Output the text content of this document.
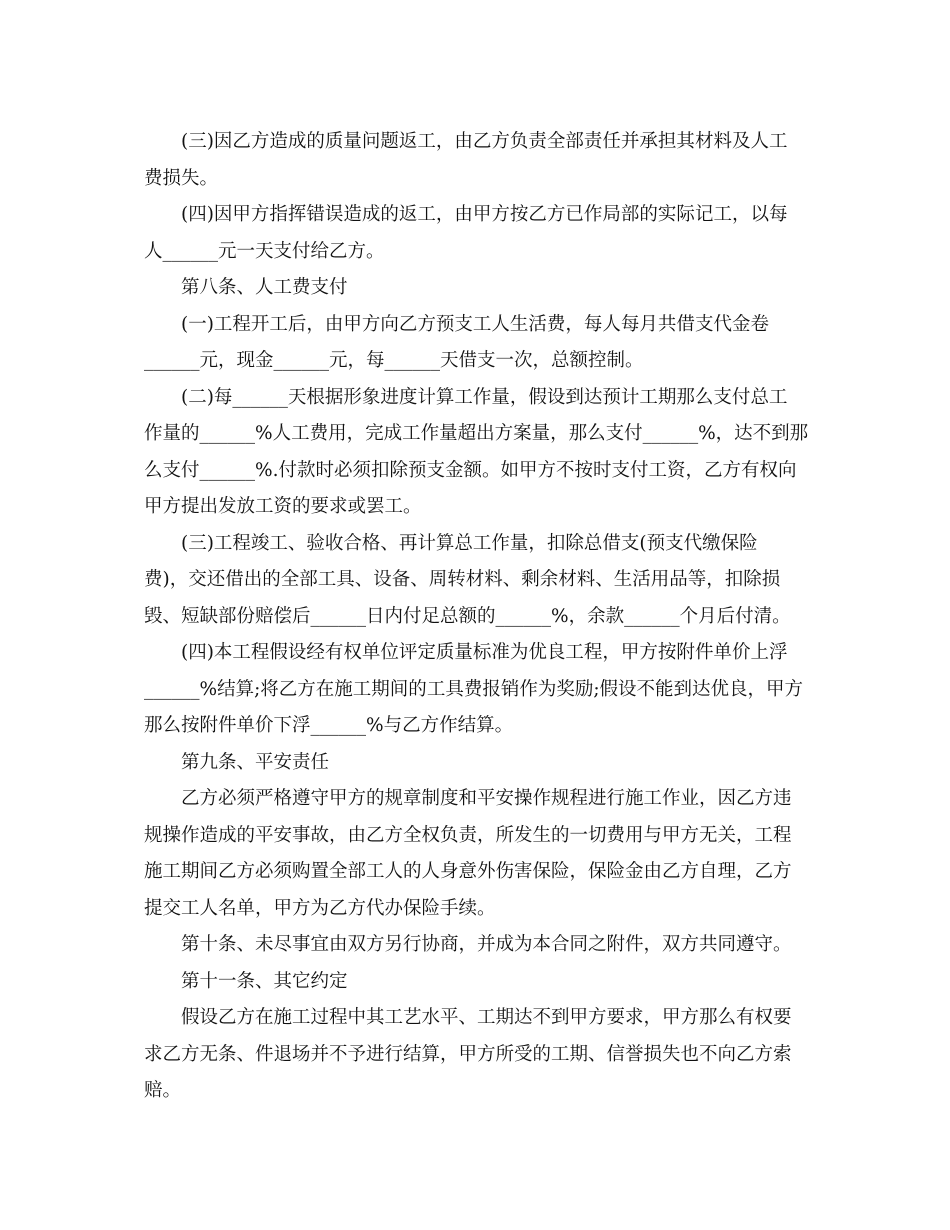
(三)因乙方造成的质量问题返工，由乙方负责全部责任并承担其材料及人工
费损失。
(四)因甲方指挥错误造成的返工，由甲方按乙方已作局部的实际记工，以每
人______元一天支付给乙方。
第八条、人工费支付
(一)工程开工后，由甲方向乙方预支工人生活费，每人每月共借支代金卷
______元，现金______元，每______天借支一次，总额控制。
(二)每______天根据形象进度计算工作量，假设到达预计工期那么支付总工
作量的______%人工费用，完成工作量超出方案量，那么支付______%，达不到那
么支付______%.付款时必须扣除预支金额。如甲方不按时支付工资，乙方有权向
甲方提出发放工资的要求或罢工。
(三)工程竣工、验收合格、再计算总工作量，扣除总借支(预支代缴保险
费)，交还借出的全部工具、设备、周转材料、剩余材料、生活用品等，扣除损
毁、短缺部份赔偿后______日内付足总额的______%，余款______个月后付清。
(四)本工程假设经有权单位评定质量标准为优良工程，甲方按附件单价上浮
______%结算;将乙方在施工期间的工具费报销作为奖励;假设不能到达优良，甲方
那么按附件单价下浮______%与乙方作结算。
第九条、平安责任
乙方必须严格遵守甲方的规章制度和平安操作规程进行施工作业，因乙方违
规操作造成的平安事故，由乙方全权负责，所发生的一切费用与甲方无关，工程
施工期间乙方必须购置全部工人的人身意外伤害保险，保险金由乙方自理，乙方
提交工人名单，甲方为乙方代办保险手续。
第十条、未尽事宜由双方另行协商，并成为本合同之附件，双方共同遵守。
第十一条、其它约定
假设乙方在施工过程中其工艺水平、工期达不到甲方要求，甲方那么有权要
求乙方无条、件退场并不予进行结算，甲方所受的工期、信誉损失也不向乙方索
赔。
